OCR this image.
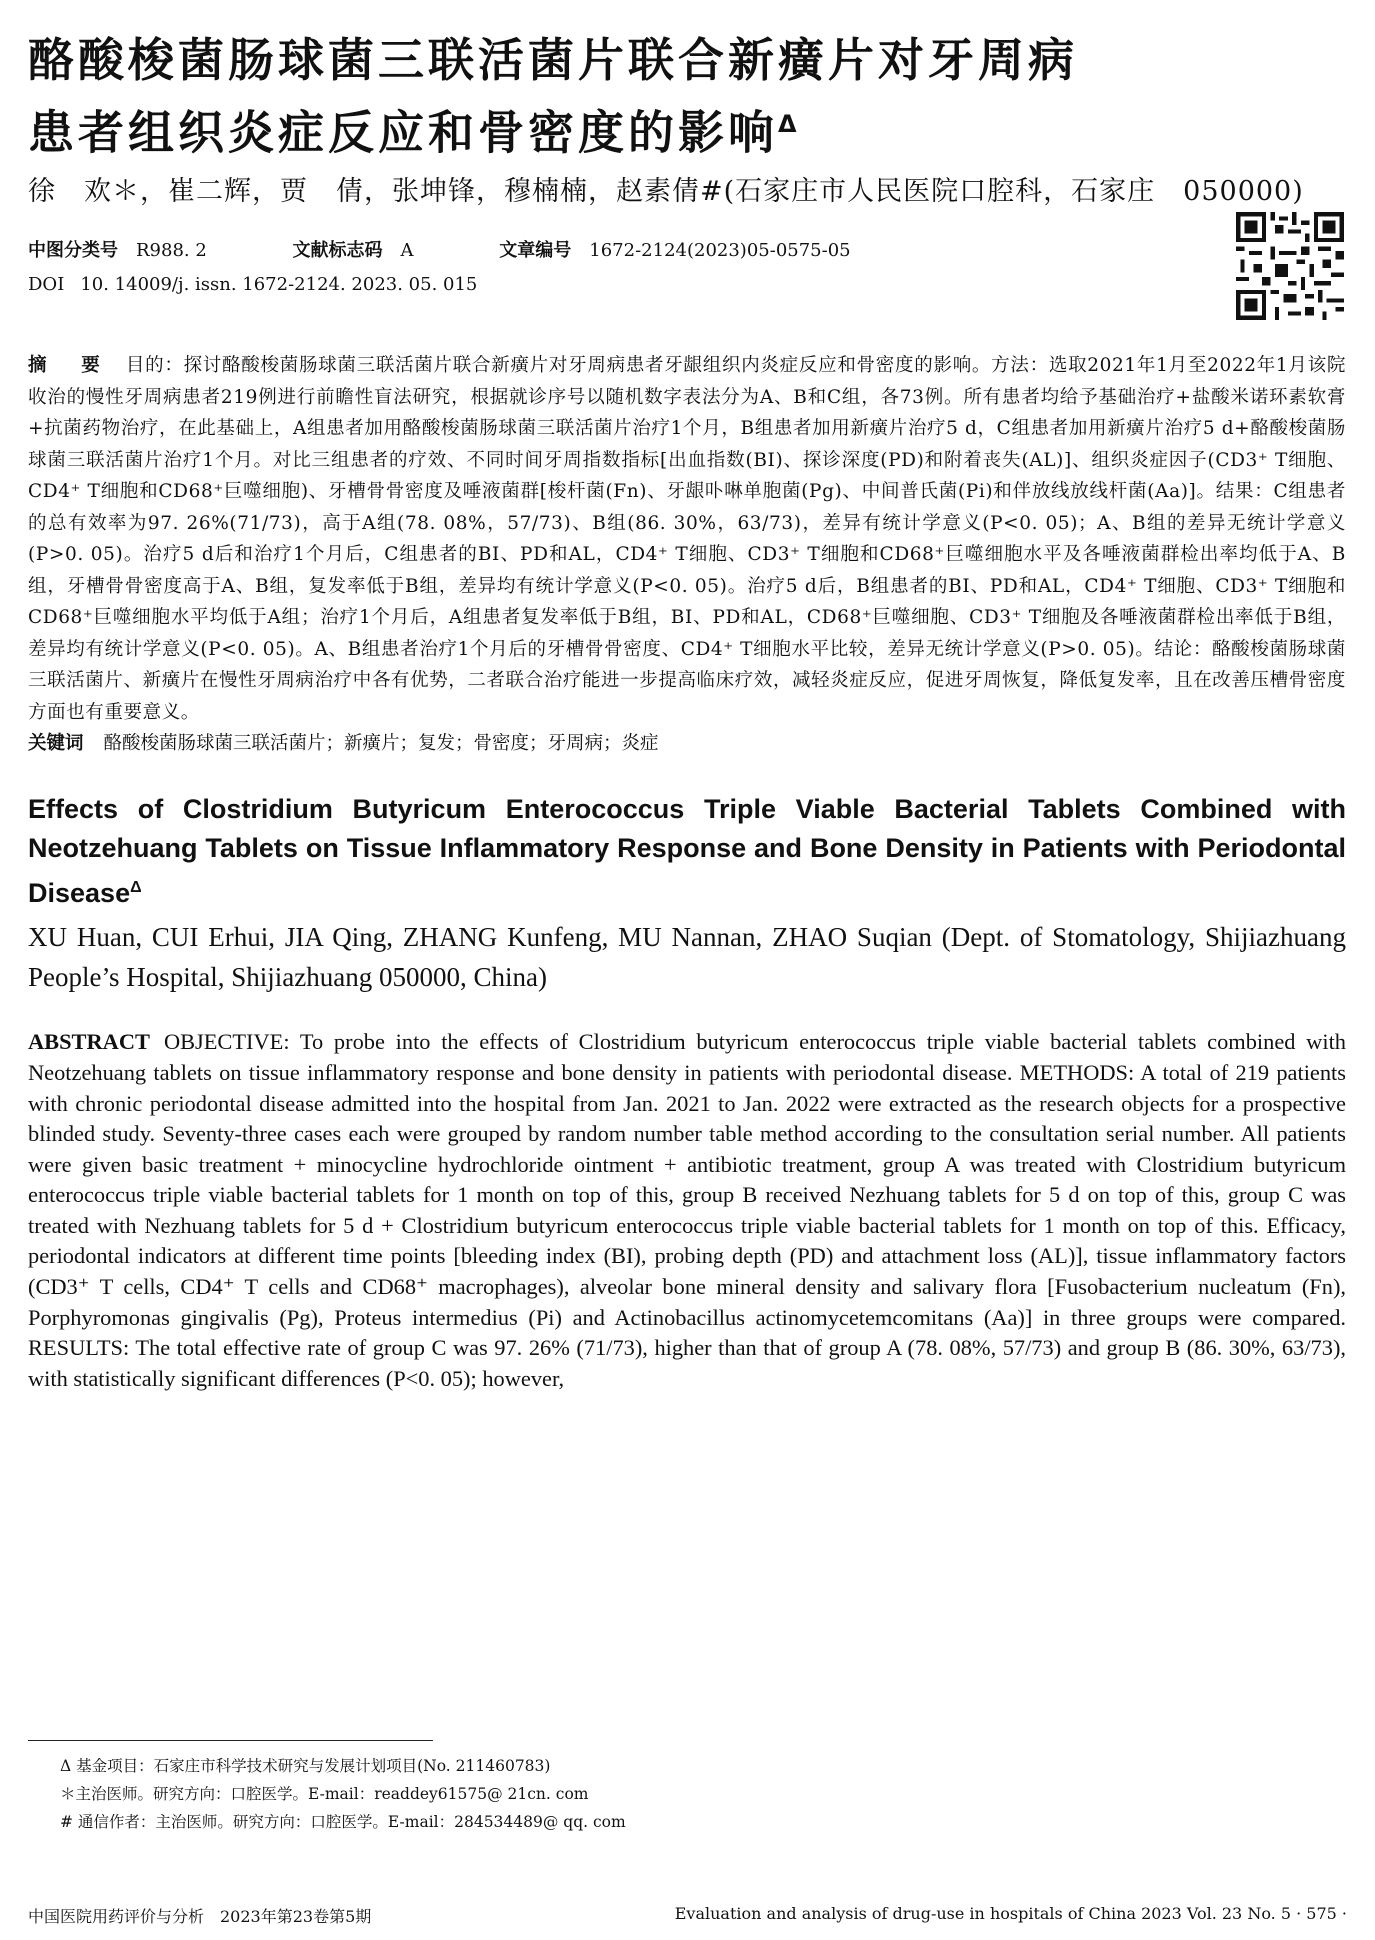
酪酸梭菌肠球菌三联活菌片联合新癀片对牙周病
患者组织炎症反应和骨密度的影响$^\Delta$
徐　欢＊，崔二辉，贾　倩，张坤锋，穆楠楠，赵素倩#(石家庄市人民医院口腔科，石家庄　050000)
中图分类号 R988. 2	文献标志码 A	文章编号 1672-2124(2023)05-0575-05
DOI 10. 14009/j. issn. 1672-2124. 2023. 05. 015
摘　要 目的：探讨酪酸梭菌肠球菌三联活菌片联合新癀片对牙周病患者牙龈组织内炎症反应和骨密度的影响。方法：选取2021年1月至2022年1月该院收治的慢性牙周病患者219例进行前瞻性盲法研究，根据就诊序号以随机数字表法分为A、B和C组，各73例。所有患者均给予基础治疗+盐酸米诺环素软膏+抗菌药物治疗，在此基础上，A组患者加用酪酸梭菌肠球菌三联活菌片治疗1个月，B组患者加用新癀片治疗5 d，C组患者加用新癀片治疗5 d+酪酸梭菌肠球菌三联活菌片治疗1个月。对比三组患者的疗效、不同时间牙周指数指标[出血指数(BI)、探诊深度(PD)和附着丧失(AL)]、组织炎症因子(CD3⁺ T细胞、CD4⁺ T细胞和CD68⁺巨噬细胞)、牙槽骨骨密度及唾液菌群[梭杆菌(Fn)、牙龈卟啉单胞菌(Pg)、中间普氏菌(Pi)和伴放线放线杆菌(Aa)]。结果：C组患者的总有效率为97. 26%(71/73)，高于A组(78. 08%，57/73)、B组(86. 30%，63/73)，差异有统计学意义(P<0. 05)；A、B组的差异无统计学意义(P>0. 05)。治疗5 d后和治疗1个月后，C组患者的BI、PD和AL，CD4⁺ T细胞、CD3⁺ T细胞和CD68⁺巨噬细胞水平及各唾液菌群检出率均低于A、B组，牙槽骨骨密度高于A、B组，复发率低于B组，差异均有统计学意义(P<0. 05)。治疗5 d后，B组患者的BI、PD和AL，CD4⁺ T细胞、CD3⁺ T细胞和CD68⁺巨噬细胞水平均低于A组；治疗1个月后，A组患者复发率低于B组，BI、PD和AL，CD68⁺巨噬细胞、CD3⁺ T细胞及各唾液菌群检出率低于B组，差异均有统计学意义(P<0. 05)。A、B组患者治疗1个月后的牙槽骨骨密度、CD4⁺ T细胞水平比较，差异无统计学意义(P>0. 05)。结论：酪酸梭菌肠球菌三联活菌片、新癀片在慢性牙周病治疗中各有优势，二者联合治疗能进一步提高临床疗效，减轻炎症反应，促进牙周恢复，降低复发率，且在改善压槽骨密度方面也有重要意义。
关键词 酪酸梭菌肠球菌三联活菌片；新癀片；复发；骨密度；牙周病；炎症
Effects of Clostridium Butyricum Enterococcus Triple Viable Bacterial Tablets Combined with Neotzehuang Tablets on Tissue Inflammatory Response and Bone Density in Patients with Periodontal Disease$^\Delta$
XU Huan, CUI Erhui, JIA Qing, ZHANG Kunfeng, MU Nannan, ZHAO Suqian (Dept. of Stomatology, Shijiazhuang People’s Hospital, Shijiazhuang 050000, China)
ABSTRACT OBJECTIVE: To probe into the effects of Clostridium butyricum enterococcus triple viable bacterial tablets combined with Neotzehuang tablets on tissue inflammatory response and bone density in patients with periodontal disease. METHODS: A total of 219 patients with chronic periodontal disease admitted into the hospital from Jan. 2021 to Jan. 2022 were extracted as the research objects for a prospective blinded study. Seventy-three cases each were grouped by random number table method according to the consultation serial number. All patients were given basic treatment + minocycline hydrochloride ointment + antibiotic treatment, group A was treated with Clostridium butyricum enterococcus triple viable bacterial tablets for 1 month on top of this, group B received Nezhuang tablets for 5 d on top of this, group C was treated with Nezhuang tablets for 5 d + Clostridium butyricum enterococcus triple viable bacterial tablets for 1 month on top of this. Efficacy, periodontal indicators at different time points [bleeding index (BI), probing depth (PD) and attachment loss (AL)], tissue inflammatory factors (CD3⁺ T cells, CD4⁺ T cells and CD68⁺ macrophages), alveolar bone mineral density and salivary flora [Fusobacterium nucleatum (Fn), Porphyromonas gingivalis (Pg), Proteus intermedius (Pi) and Actinobacillus actinomycetemcomitans (Aa)] in three groups were compared. RESULTS: The total effective rate of group C was 97. 26% (71/73), higher than that of group A (78. 08%, 57/73) and group B (86. 30%, 63/73), with statistically significant differences (P<0. 05); however,
Δ 基金项目：石家庄市科学技术研究与发展计划项目(No. 211460783)
＊主治医师。研究方向：口腔医学。E-mail：readdey61575@ 21cn. com
# 通信作者：主治医师。研究方向：口腔医学。E-mail：284534489@ qq. com
中国医院用药评价与分析　2023年第23卷第5期	Evaluation and analysis of drug-use in hospitals of China 2023 Vol. 23 No. 5 · 575 ·
